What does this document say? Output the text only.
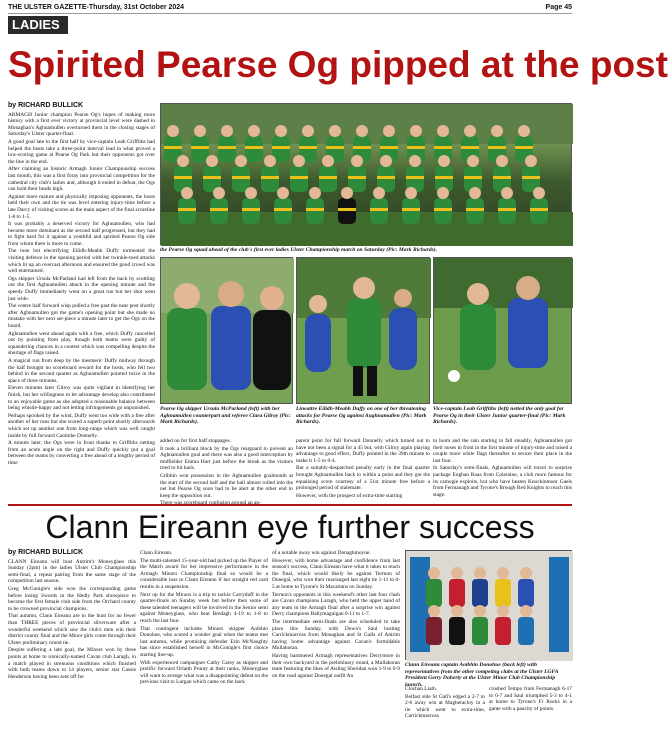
THE ULSTER GAZETTE-Thursday, 31st October 2024	Page 45
LADIES
Spirited Pearse Og pipped at the post

by RICHARD BULLICK

ARMAGH Junior champion Pearse Og's hopes of making more history with a first ever victory at provincial level were dashed in Monaghan's Aghnamullen overturned them in the closing stages of Saturday's Ulster quarter-final.

A good goal late in the first half by vice-captain Leah Griffiths had helped the hosts take a three-point interval lead in what proved a low-scoring game at Pearse Og Park but their opponents got over the line in the end.

After claiming an historic Armagh Junior Championship success last month, this was a first foray into provincial competition for the cathedral city club's ladies and, although it ended in defeat, the Ogs can hold their heads high.

Against more mature and physically imposing opponents, the hosts held their own and the tie was level entering injury-time before a late Darcy of visiting scores as the main aspect of the final scoreline 1-8 to 1-5.

It was probably a deserved victory for Aghnamullen, who had become more dominant as the second half progressed, but they had to fight hard for it against a youthful and spirited Pearse Og side from whom there is more to come.

The tone but electrifying Eilidh-Meabh Duffy tormented the visiting defence in the opening period with her twinkle-toed attacks which lit up an overcast afternoon and ensured the good crowd was well entertained.

Ogs skipper Ursula McParland had left from the back by scuttling out the first Aghnamullen attack in the opening minute and the speedy Duffy immediately went on a great run but her shot went just wide.

The centre half forward wisp pulled a free past the near post shortly after Aghnamullen got the game's opening point but she made no mistake with her next set-piece a minute later to get the Ogs on the board.

Aghnamullen went ahead again with a free, which Duffy cancelled out by pointing from play, though both teams were guilty of squandering chances in a contest which was compelling despite the shortage of flags raised.

A magical run from deep by the mesmeric Duffy midway through the half brought no scoreboard reward for the hosts, who fell two behind in the second quarter as Aghnamullen pointed twice in the space of three minutes.

Eleven minutes later Gilroy was quite vigilant in identifying her finish, but her willingness to let advantage develop also contributed to an enjoyable game as she adopted a reasonable balance between being whistle-happy and not letting infringements go unpunished.

Perhaps spooked by the wind, Duffy went too wide with a free after another of her runs but she scored a superb point shortly afterwards which set up another one from long-range which was well caught inside by full forward Caoimhe Donnelly.

A minute later, the Ogs were in front thanks to Griffiths netting from an acute angle on the right and Duffy quickly put a goal between the teams by converting a free ahead of a lengthy period of time

the Pearse Og squad ahead of the club's first ever ladies Ulster Championship match on Saturday (Pic: Mark Richards).
Pearse Og skipper Ursula McParland (left) with her Aghnamullen counterpart and referee Clara Gilroy (Pic: Mark Richards).
Lineattre Eilidh-Meabh Duffy on one of her threatening attacks for Pearse Og against Aughnamullen (Pic: Mark Richards).
Vice-captain Leah Griffiths (left) netted the only goal for Pearse Og in their Ulster Junior quarter-final (Pic: Mark Richards).

added on for first half stoppages.

It took a brilliant block by the Ogs rearguard to prevent an Aghnamullen goal and there was also a good interception by midfielder Emma Hart just before the break as the visitors tried to hit back.

Gribbin won possession in the Aghnamullen goalmouth at the start of the second half and the ball almost rolled into the net but Pearse Og soon had to be alert at the other end to keep the opposition out.

parent point for full forward Donnelly which turned out to have not been a signal for a 45 but, with Gilroy again playing advantage to good effect, Duffy pointed in the 39th minute to make it 1-5 to 0-4.

But a suitably-despatched penalty early in the final quarter brought Aghnamullen back to within a point and they got the equalising score courtesy of a 51st minute free before a prolonged period of stalemate.

However, with the prospect of extra-time starting

to loom and the rain starting to fall steadily, Aghnamullen got their noses in front in the first minute of injury-time and raised a couple more white flags thereafter to secure their place in the last four.

In Saturday's semi-finals, Aghnamullen will travel to surprise package Eoghan Ruas from Coleraine, a club more famous for its camogie exploits, but who have beaten Knockinmoor Gaels from Fermanagh and Tyrone's Brough Red Knights to reach this stage.

Clann Eireann eye further success

by RICHARD BULLICK

CLANN Eireann will host Antrim's Moneyglass this Sunday (2pm) in the ladies Ulster Club Championship semi-final, a repeat pairing from the same stage of the competition last season.

Greg McGonigle's side won the corresponding game before losing Swords in the Hedly Park showpiece to become the first female club side from the Orchard county to be crowned provincial champions.

That autumn, Clann Eireann are in the hunt for no fewer than THREE pieces of provincial silverware after a wonderful weekend which saw the club's men win their district county final and the Minor girls come through their Ulster preliminary round tie.

Despite suffering a late goal, the Minors won by three points at home to ironically-named Cavan club Laragh, in a match played in strenuous conditions which finished with both teams down to 14 players, senior star Cassie Henderson having been sent off for

Clann Eireann.

The multi-talented 15-year-old had picked up the Player of the Match award for her impressive performance in the Armagh Minors Championship final so would be a considerable loss to Clann Eireann if her straight red card results in a suspension.

Next up for the Minors is a trip to tackle Carryduff in the quarter-finals on Sunday week but before then some of these talented teenagers will be involved in the Senior semi against Moneyglass, who beat Bredagh 4-19 to 1-8 to reach the last four.

That contingent includes Minors skipper Aoibhin Donohue, who scored a wonder goal when the teams met last autumn, while promising defender Erin McNaughty has since established herself in McGonigle's first choice starting line-up.

With experienced campaigner Cathy Carey as skipper and prolific forward Orlaith Prunty at their ranks, Moneyglass will want to avenge what was a disappointing defeat on the previous visit to Lurgan which came on the back

of a notable away win against Donaghmoyne.

However, with home advantage and confidence from last season's success, Clann Eireann have what it takes to reach the final, which would likely be against Termon of Donegal, who won their rearranged last eight tie 1-11 to 0-5 at home to Tyrone's St Macartans on Sunday.

Termon's opponents in this weekend's other last four clash are Cavan champions Laragh, who held the upper hand of any team in the Armagh final after a surprise win against Derry champions Ballymaguigan 0-11 to 1-7.

The intermediate semi-finals are also scheduled to take place this Sunday, with Down's Saul hosting Carrickmacross from Monaghan and St Galls of Antrim having home advantage against Cavan's formidable Mullahoran.

Having hammered Armagh representatives Derrymore in their own backyard in the preliminary round, a Mullahoran team featuring the likes of Aisling Sheridan won 1-9 to 0-9 on the road against Donegal outfit An

Clann Eireann captain Aoibhin Donohue (back left) with representatives from the other competing clubs at the Ulster LGFA President Gerry Doherty at the Ulster Minor Club Championship launch.

Clochan Liath.

Belfast side St Gall's edged a 2-7 to 2-6 away win at Magheracloy in a tie which went to extra-time, Carrickmacross

crushed Tempo from Fermanagh 6-17 to 0-7 and Saul triumphed 5-3 to 4-1 at home to Tyrone's Fr Rocks in a game with a paucity of points.
